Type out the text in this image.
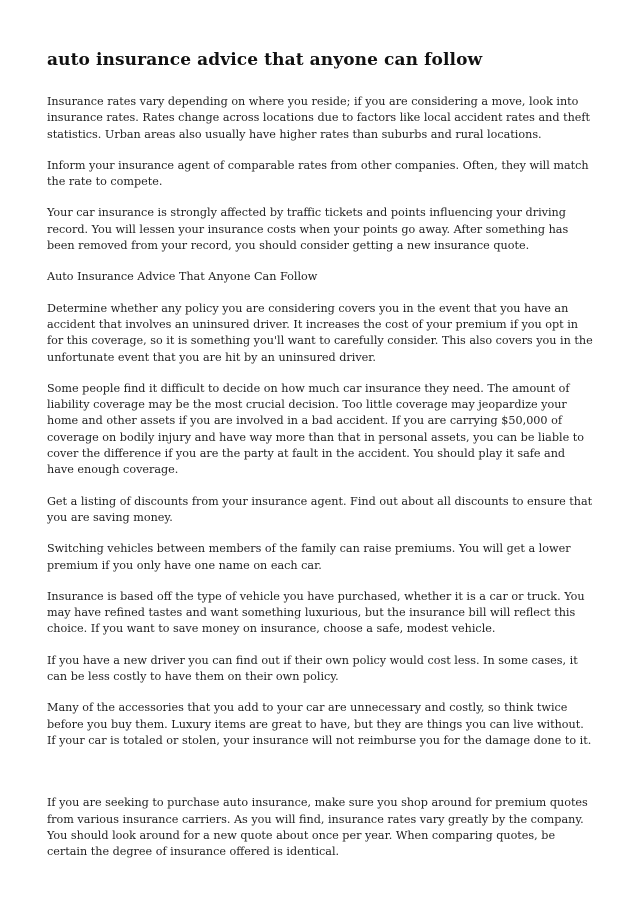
auto insurance advice that anyone can follow

Insurance rates vary depending on where you reside; if you are considering a move, look into insurance rates. Rates change across locations due to factors like local accident rates and theft statistics. Urban areas also usually have higher rates than suburbs and rural locations.

Inform your insurance agent of comparable rates from other companies. Often, they will match the rate to compete.

Your car insurance is strongly affected by traffic tickets and points influencing your driving record. You will lessen your insurance costs when your points go away. After something has been removed from your record, you should consider getting a new insurance quote.

Auto Insurance Advice That Anyone Can Follow

Determine whether any policy you are considering covers you in the event that you have an accident that involves an uninsured driver. It increases the cost of your premium if you opt in for this coverage, so it is something you'll want to carefully consider. This also covers you in the unfortunate event that you are hit by an uninsured driver.

Some people find it difficult to decide on how much car insurance they need. The amount of liability coverage may be the most crucial decision. Too little coverage may jeopardize your home and other assets if you are involved in a bad accident. If you are carrying $50,000 of coverage on bodily injury and have way more than that in personal assets, you can be liable to cover the difference if you are the party at fault in the accident. You should play it safe and have enough coverage.

Get a listing of discounts from your insurance agent. Find out about all discounts to ensure that you are saving money.

Switching vehicles between members of the family can raise premiums. You will get a lower premium if you only have one name on each car.

Insurance is based off the type of vehicle you have purchased, whether it is a car or truck. You may have refined tastes and want something luxurious, but the insurance bill will reflect this choice. If you want to save money on insurance, choose a safe, modest vehicle.

If you have a new driver you can find out if their own policy would cost less. In some cases, it can be less costly to have them on their own policy.

Many of the accessories that you add to your car are unnecessary and costly, so think twice before you buy them. Luxury items are great to have, but they are things you can live without. If your car is totaled or stolen, your insurance will not reimburse you for the damage done to it.

If you are seeking to purchase auto insurance, make sure you shop around for premium quotes from various insurance carriers. As you will find, insurance rates vary greatly by the company. You should look around for a new quote about once per year. When comparing quotes, be certain the degree of insurance offered is identical.
